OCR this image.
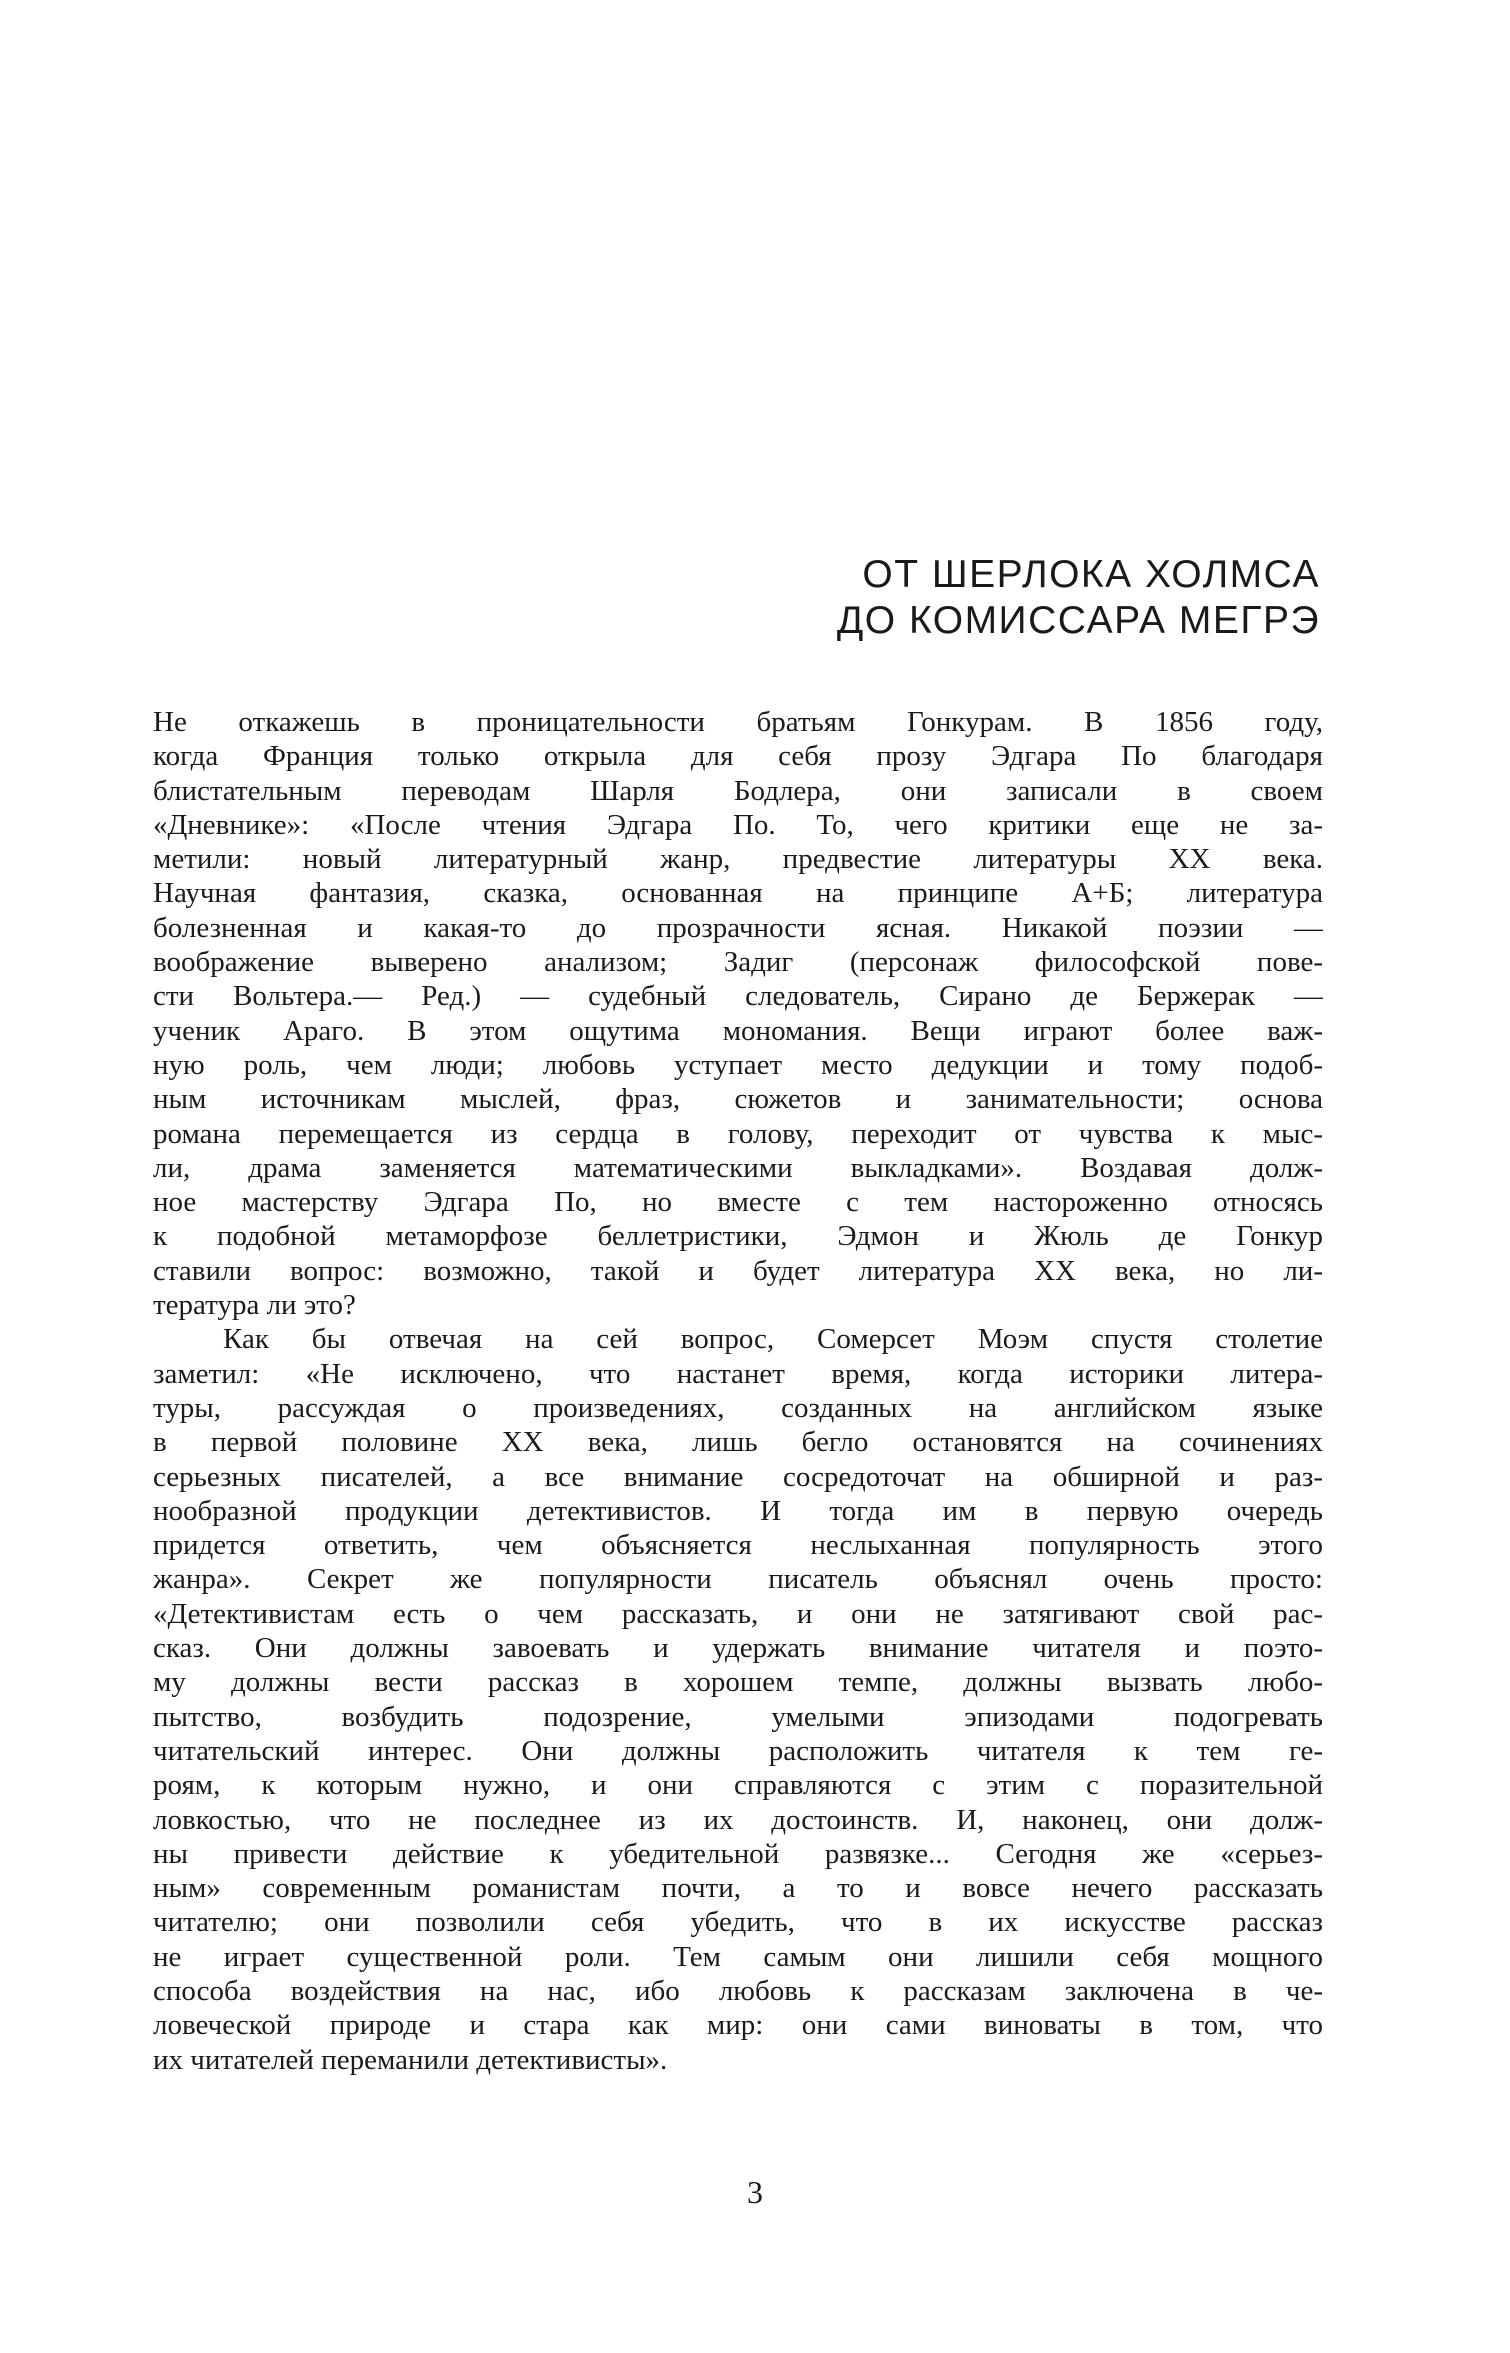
ОТ ШЕРЛОКА ХОЛМСА
ДО КОМИССАРА МЕГРЭ
Не откажешь в проницательности братьям Гонкурам. В 1856 году,
когда Франция только открыла для себя прозу Эдгара По благодаря
блистательным переводам Шарля Бодлера, они записали в своем
«Дневнике»: «После чтения Эдгара По. То, чего критики еще не за-
метили: новый литературный жанр, предвестие литературы XX века.
Научная фантазия, сказка, основанная на принципе А+Б; литература
болезненная и какая-то до прозрачности ясная. Никакой поэзии —
воображение выверено анализом; Задиг (персонаж философской пове-
сти Вольтера.— Ред.) — судебный следователь, Сирано де Бержерак —
ученик Араго. В этом ощутима мономания. Вещи играют более важ-
ную роль, чем люди; любовь уступает место дедукции и тому подоб-
ным источникам мыслей, фраз, сюжетов и занимательности; основа
романа перемещается из сердца в голову, переходит от чувства к мыс-
ли, драма заменяется математическими выкладками». Воздавая долж-
ное мастерству Эдгара По, но вместе с тем настороженно относясь
к подобной метаморфозе беллетристики, Эдмон и Жюль де Гонкур
ставили вопрос: возможно, такой и будет литература XX века, но ли-
тература ли это?
Как бы отвечая на сей вопрос, Сомерсет Моэм спустя столетие
заметил: «Не исключено, что настанет время, когда историки литера-
туры, рассуждая о произведениях, созданных на английском языке
в первой половине XX века, лишь бегло остановятся на сочинениях
серьезных писателей, а все внимание сосредоточат на обширной и раз-
нообразной продукции детективистов. И тогда им в первую очередь
придется ответить, чем объясняется неслыханная популярность этого
жанра». Секрет же популярности писатель объяснял очень просто:
«Детективистам есть о чем рассказать, и они не затягивают свой рас-
сказ. Они должны завоевать и удержать внимание читателя и поэто-
му должны вести рассказ в хорошем темпе, должны вызвать любо-
пытство, возбудить подозрение, умелыми эпизодами подогревать
читательский интерес. Они должны расположить читателя к тем ге-
роям, к которым нужно, и они справляются с этим с поразительной
ловкостью, что не последнее из их достоинств. И, наконец, они долж-
ны привести действие к убедительной развязке... Сегодня же «серьез-
ным» современным романистам почти, а то и вовсе нечего рассказать
читателю; они позволили себя убедить, что в их искусстве рассказ
не играет существенной роли. Тем самым они лишили себя мощного
способа воздействия на нас, ибо любовь к рассказам заключена в че-
ловеческой природе и стара как мир: они сами виноваты в том, что
их читателей переманили детективисты».
3
